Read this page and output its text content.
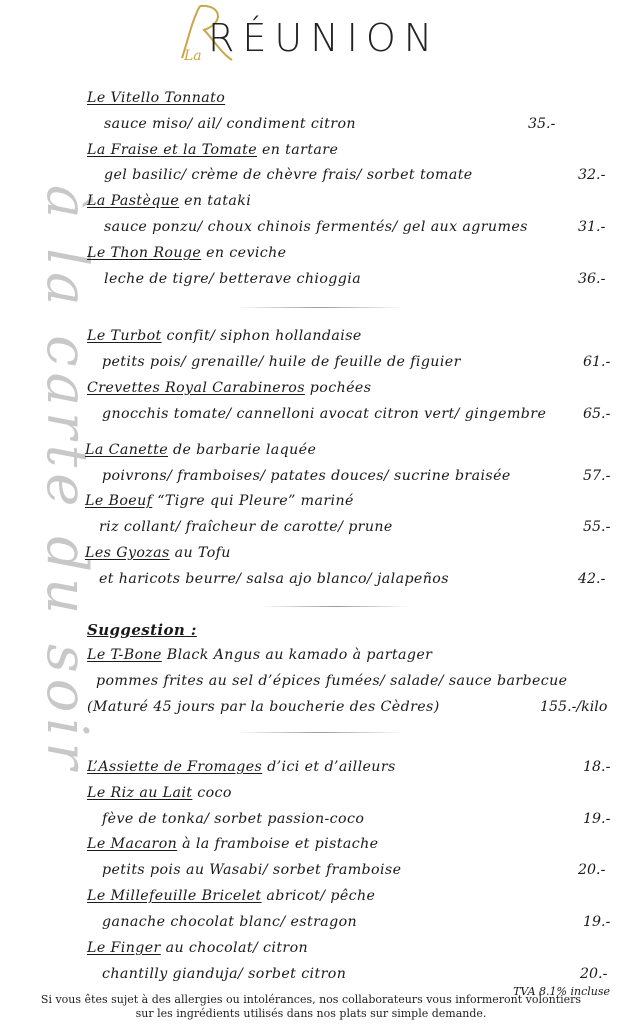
La RÉUNION
à la carte du soir
Le Vitello Tonnato
sauce miso/ ail/ condiment citron	35.-
La Fraise et la Tomate en tartare
gel basilic/ crème de chèvre frais/ sorbet tomate	32.-
La Pastèque en tataki
sauce ponzu/ choux chinois fermentés/ gel aux agrumes	31.-
Le Thon Rouge en ceviche
leche de tigre/ betterave chioggia	36.-
Le Turbot confit/ siphon hollandaise
petits pois/ grenaille/ huile de feuille de figuier	61.-
Crevettes Royal Carabineros pochées
gnocchis tomate/ cannelloni avocat citron vert/ gingembre	65.-
La Canette de barbarie laquée
poivrons/ framboises/ patates douces/ sucrine braisée	57.-
Le Boeuf “Tigre qui Pleure” mariné
riz collant/ fraîcheur de carotte/ prune	55.-
Les Gyozas au Tofu
et haricots beurre/ salsa ajo blanco/ jalapeños	42.-
Suggestion :
Le T-Bone Black Angus au kamado à partager
pommes frites au sel d’épices fumées/ salade/ sauce barbecue
(Maturé 45 jours par la boucherie des Cèdres)	155.-/kilo
L’Assiette de Fromages d’ici et d’ailleurs	18.-
Le Riz au Lait coco
fève de tonka/ sorbet passion-coco	19.-
Le Macaron à la framboise et pistache
petits pois au Wasabi/ sorbet framboise	20.-
Le Millefeuille Bricelet abricot/ pêche
ganache chocolat blanc/ estragon	19.-
Le Finger au chocolat/ citron
chantilly gianduja/ sorbet citron	20.-
TVA 8.1% incluse
Si vous êtes sujet à des allergies ou intolérances, nos collaborateurs vous informeront volontiers
sur les ingrédients utilisés dans nos plats sur simple demande.
